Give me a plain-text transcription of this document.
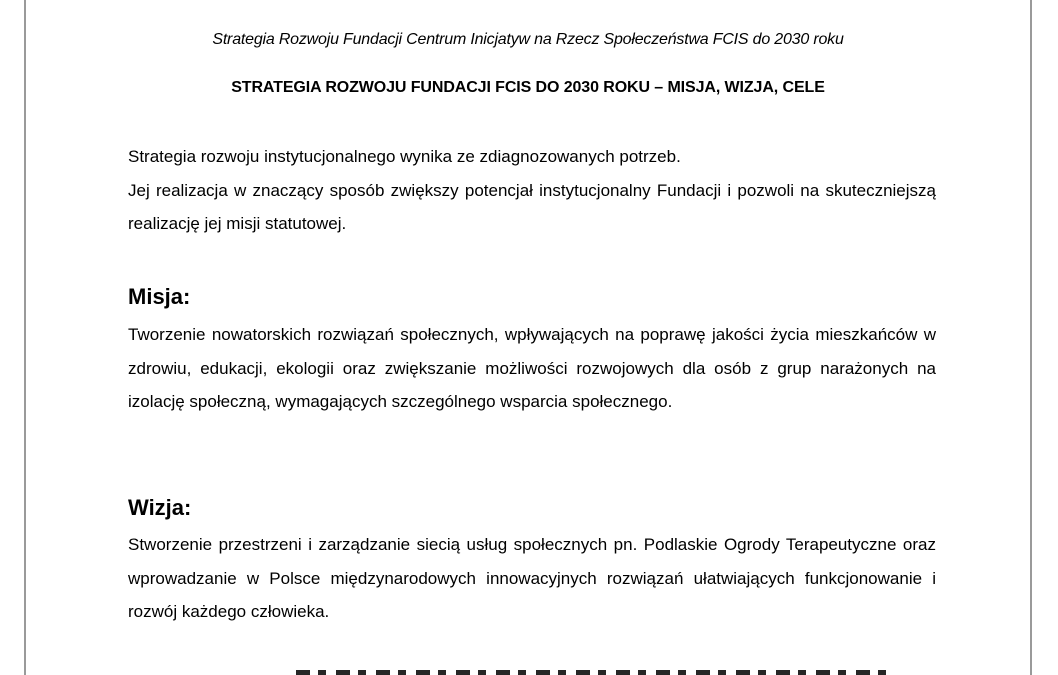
Strategia Rozwoju Fundacji Centrum Inicjatyw na Rzecz Społeczeństwa FCIS do 2030 roku
STRATEGIA ROZWOJU FUNDACJI FCIS DO 2030 ROKU – MISJA, WIZJA, CELE

Strategia rozwoju instytucjonalnego wynika ze zdiagnozowanych potrzeb.

Jej realizacja w znaczący sposób zwiększy potencjał instytucjonalny Fundacji i pozwoli na skuteczniejszą realizację jej misji statutowej.

Misja:

Tworzenie nowatorskich rozwiązań społecznych, wpływających na poprawę jakości życia mieszkańców w zdrowiu, edukacji, ekologii oraz zwiększanie możliwości rozwojowych dla osób z grup narażonych na izolację społeczną, wymagających szczególnego wsparcia społecznego.

Wizja:

Stworzenie przestrzeni i zarządzanie siecią usług społecznych pn. Podlaskie Ogrody Terapeutyczne oraz wprowadzanie w Polsce międzynarodowych innowacyjnych rozwiązań ułatwiających funkcjonowanie i rozwój każdego człowieka.
